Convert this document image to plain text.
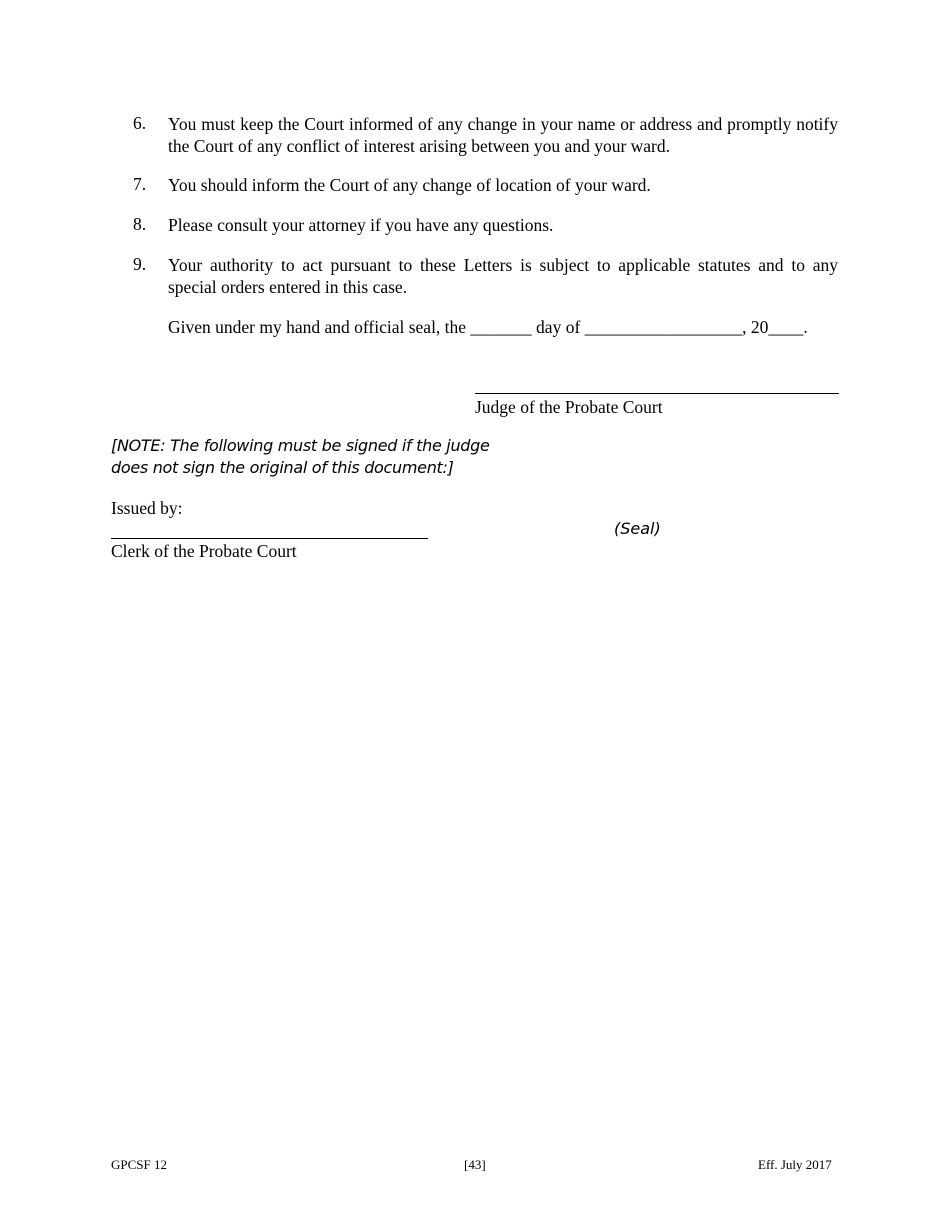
6. You must keep the Court informed of any change in your name or address and promptly notify the Court of any conflict of interest arising between you and your ward.
7. You should inform the Court of any change of location of your ward.
8. Please consult your attorney if you have any questions.
9. Your authority to act pursuant to these Letters is subject to applicable statutes and to any special orders entered in this case.
Given under my hand and official seal, the _______ day of __________________, 20____.
Judge of the Probate Court
[NOTE: The following must be signed if the judge does not sign the original of this document:]
Issued by:
Clerk of the Probate Court
(Seal)
GPCSF 12	[43]	Eff. July 2017
